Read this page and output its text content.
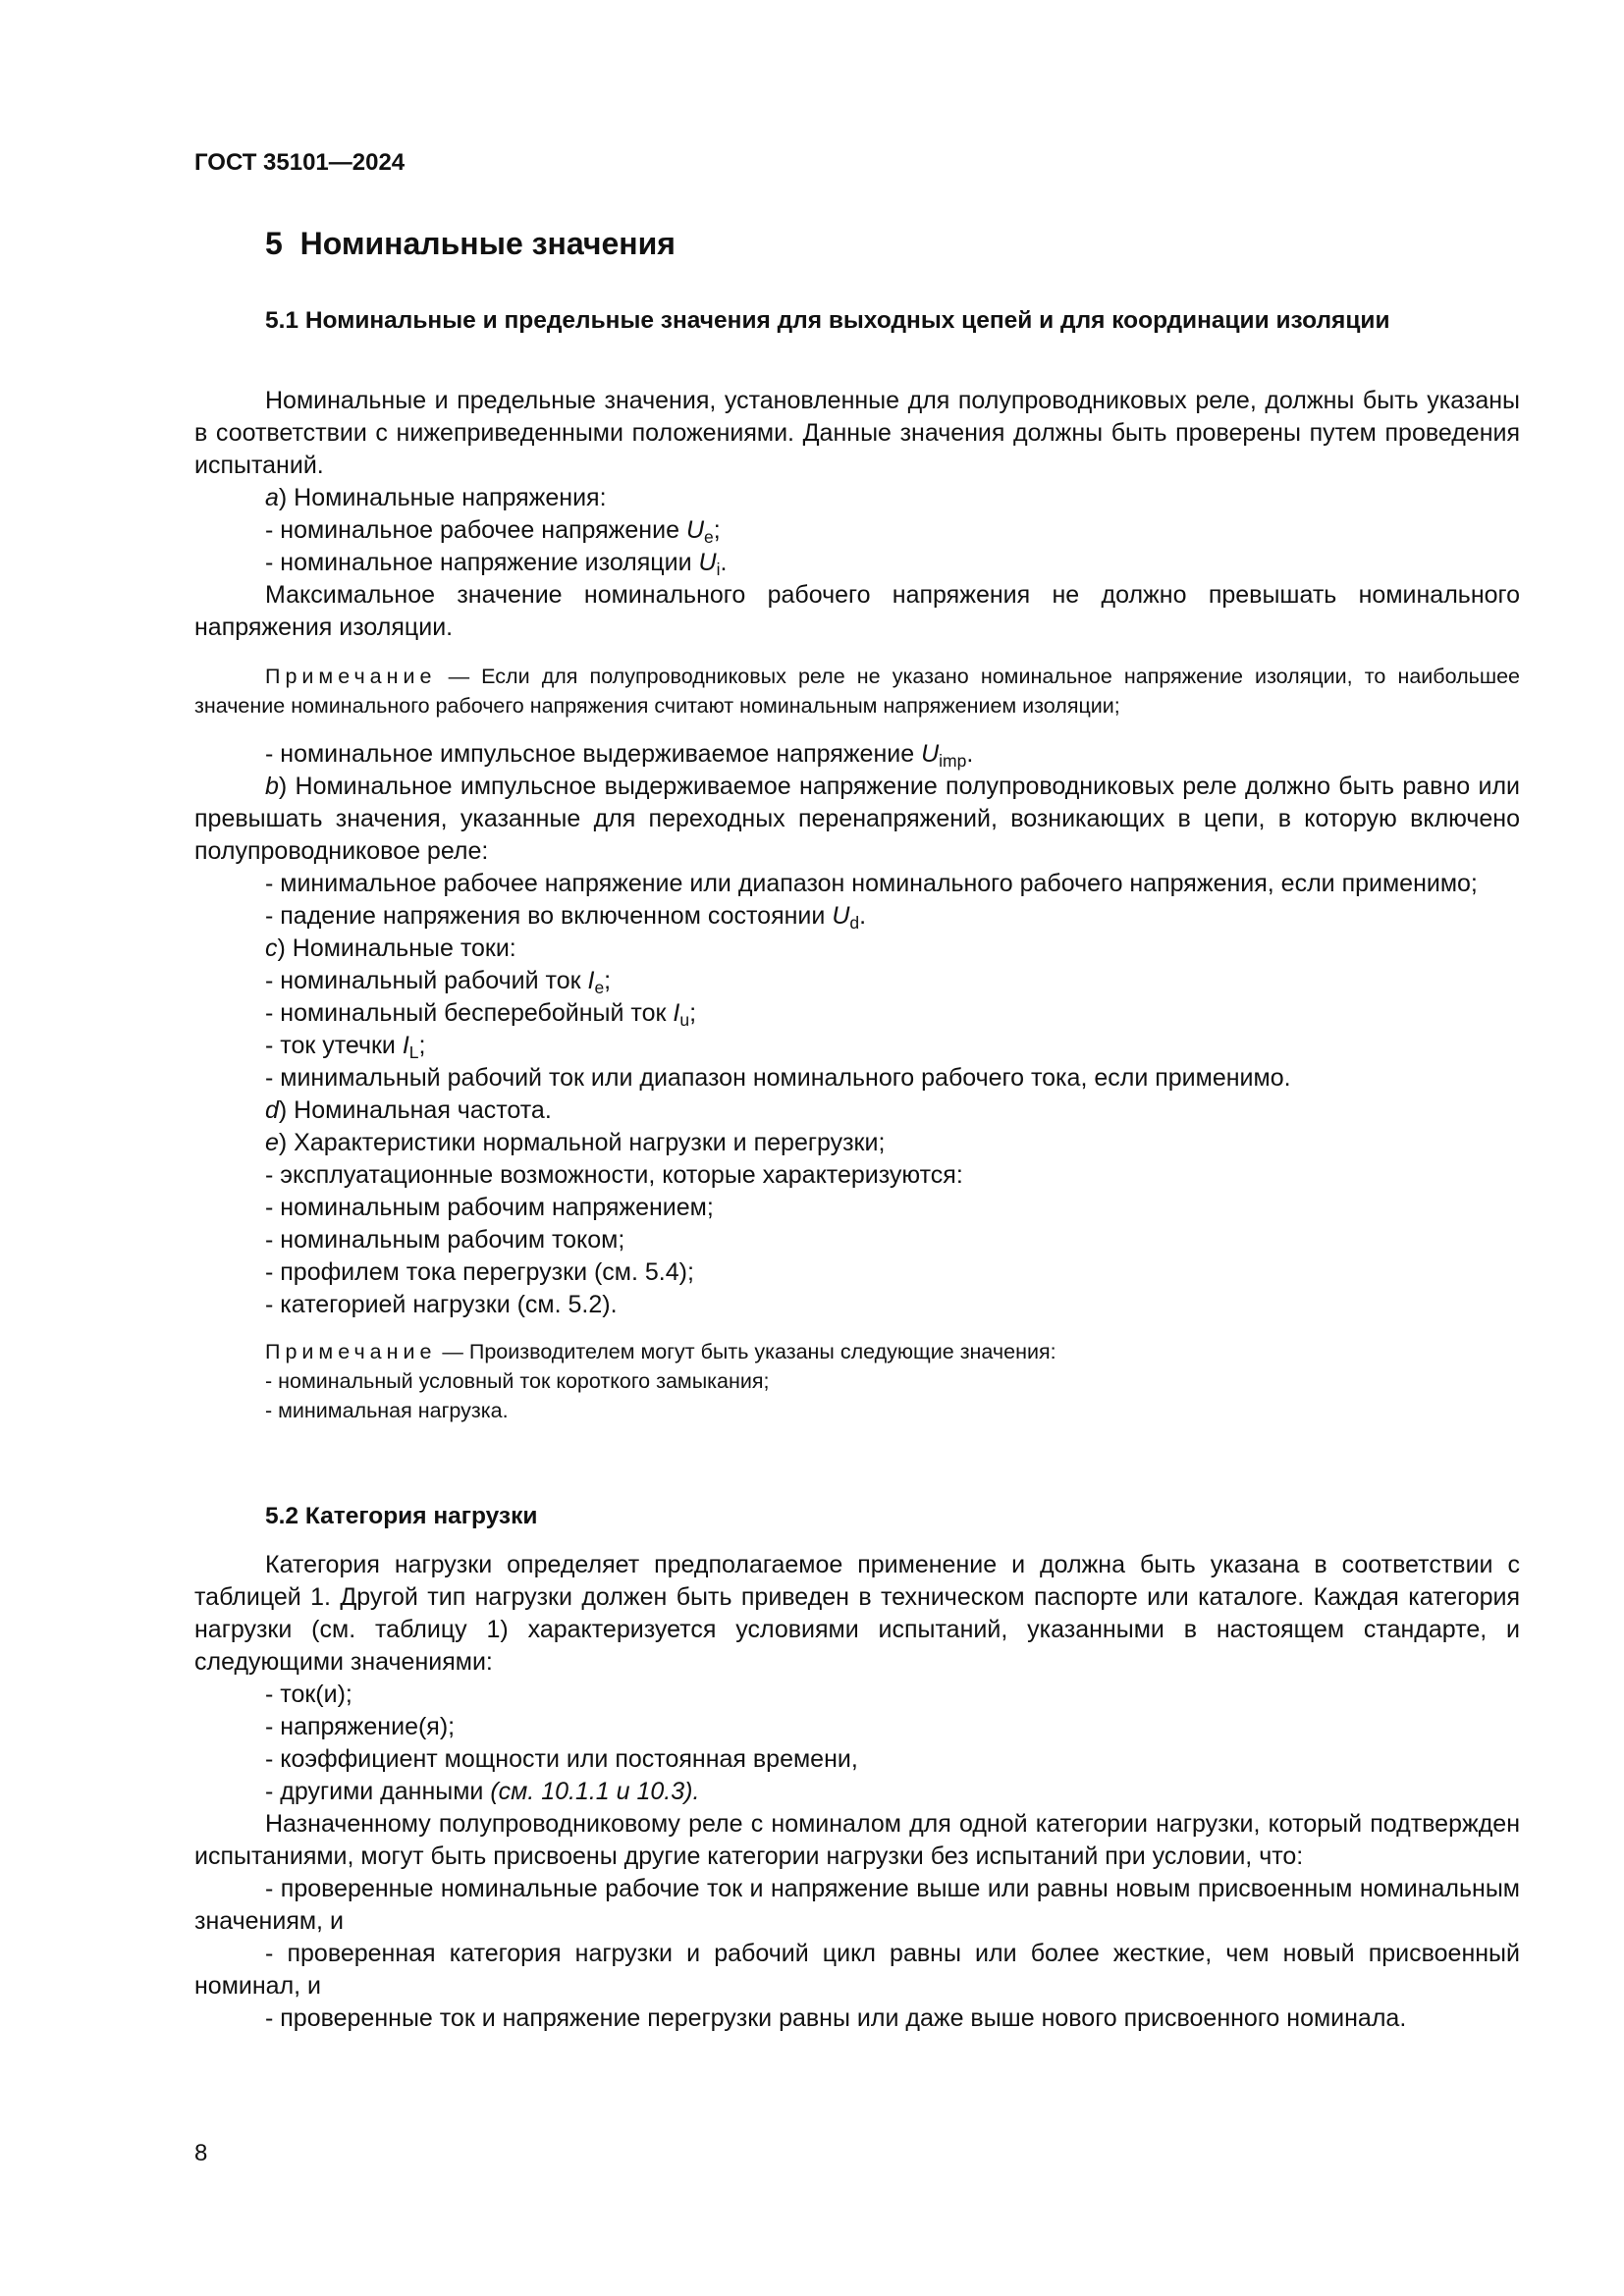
ГОСТ 35101—2024
5 Номинальные значения
5.1 Номинальные и предельные значения для выходных цепей и для координации изоляции

Номинальные и предельные значения, установленные для полупроводниковых реле, должны быть указаны в соответствии с нижеприведенными положениями. Данные значения должны быть проверены путем проведения испытаний.

a) Номинальные напряжения:

- номинальное рабочее напряжение $U_e$;

- номинальное напряжение изоляции $U_i$.

Максимальное значение номинального рабочего напряжения не должно превышать номинального напряжения изоляции.

Примечание — Если для полупроводниковых реле не указано номинальное напряжение изоляции, то наибольшее значение номинального рабочего напряжения считают номинальным напряжением изоляции;

- номинальное импульсное выдерживаемое напряжение $U_{imp}$.

b) Номинальное импульсное выдерживаемое напряжение полупроводниковых реле должно быть равно или превышать значения, указанные для переходных перенапряжений, возникающих в цепи, в которую включено полупроводниковое реле:

- минимальное рабочее напряжение или диапазон номинального рабочего напряжения, если применимо;

- падение напряжения во включенном состоянии $U_d$.

c) Номинальные токи:

- номинальный рабочий ток $I_e$;

- номинальный бесперебойный ток $I_u$;

- ток утечки $I_L$;

- минимальный рабочий ток или диапазон номинального рабочего тока, если применимо.

d) Номинальная частота.

e) Характеристики нормальной нагрузки и перегрузки;

- эксплуатационные возможности, которые характеризуются:

- номинальным рабочим напряжением;

- номинальным рабочим током;

- профилем тока перегрузки (см. 5.4);

- категорией нагрузки (см. 5.2).

Примечание — Производителем могут быть указаны следующие значения:

- номинальный условный ток короткого замыкания;

- минимальная нагрузка.

5.2 Категория нагрузки

Категория нагрузки определяет предполагаемое применение и должна быть указана в соответствии с таблицей 1. Другой тип нагрузки должен быть приведен в техническом паспорте или каталоге. Каждая категория нагрузки (см. таблицу 1) характеризуется условиями испытаний, указанными в настоящем стандарте, и следующими значениями:

- ток(и);

- напряжение(я);

- коэффициент мощности или постоянная времени,

- другими данными (см. 10.1.1 и 10.3).

Назначенному полупроводниковому реле с номиналом для одной категории нагрузки, который подтвержден испытаниями, могут быть присвоены другие категории нагрузки без испытаний при условии, что:

- проверенные номинальные рабочие ток и напряжение выше или равны новым присвоенным номинальным значениям, и

- проверенная категория нагрузки и рабочий цикл равны или более жесткие, чем новый присвоенный номинал, и

- проверенные ток и напряжение перегрузки равны или даже выше нового присвоенного номинала.

8
